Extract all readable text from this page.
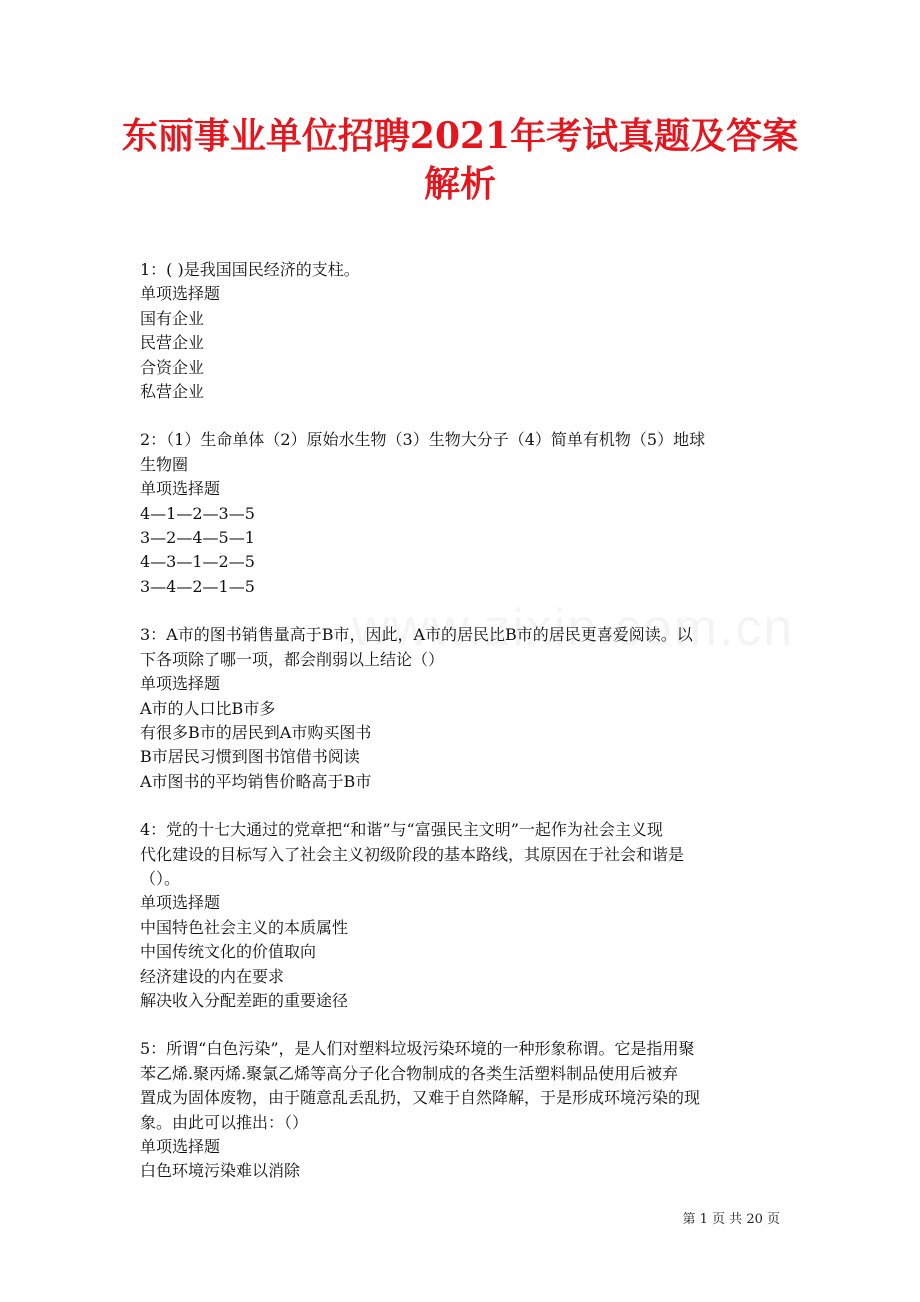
东丽事业单位招聘2021年考试真题及答案
解析
1：( )是我国国民经济的支柱。
单项选择题
国有企业
民营企业
合资企业
私营企业
2：（1）生命单体（2）原始水生物（3）生物大分子（4）简单有机物（5）地球
生物圈
单项选择题
4—1—2—3—5
3—2—4—5—1
4—3—1—2—5
3—4—2—1—5
3：A市的图书销售量高于B市，因此，A市的居民比B市的居民更喜爱阅读。以
下各项除了哪一项，都会削弱以上结论（）
单项选择题
A市的人口比B市多
有很多B市的居民到A市购买图书
B市居民习惯到图书馆借书阅读
A市图书的平均销售价略高于B市
4：党的十七大通过的党章把“和谐”与“富强民主文明”一起作为社会主义现
代化建设的目标写入了社会主义初级阶段的基本路线，其原因在于社会和谐是
（）。
单项选择题
中国特色社会主义的本质属性
中国传统文化的价值取向
经济建设的内在要求
解决收入分配差距的重要途径
5：所谓“白色污染”，是人们对塑料垃圾污染环境的一种形象称谓。它是指用聚
苯乙烯.聚丙烯.聚氯乙烯等高分子化合物制成的各类生活塑料制品使用后被弃
置成为固体废物，由于随意乱丢乱扔，又难于自然降解，于是形成环境污染的现
象。由此可以推出：（）
单项选择题
白色环境污染难以消除
第 1 页 共 20 页
